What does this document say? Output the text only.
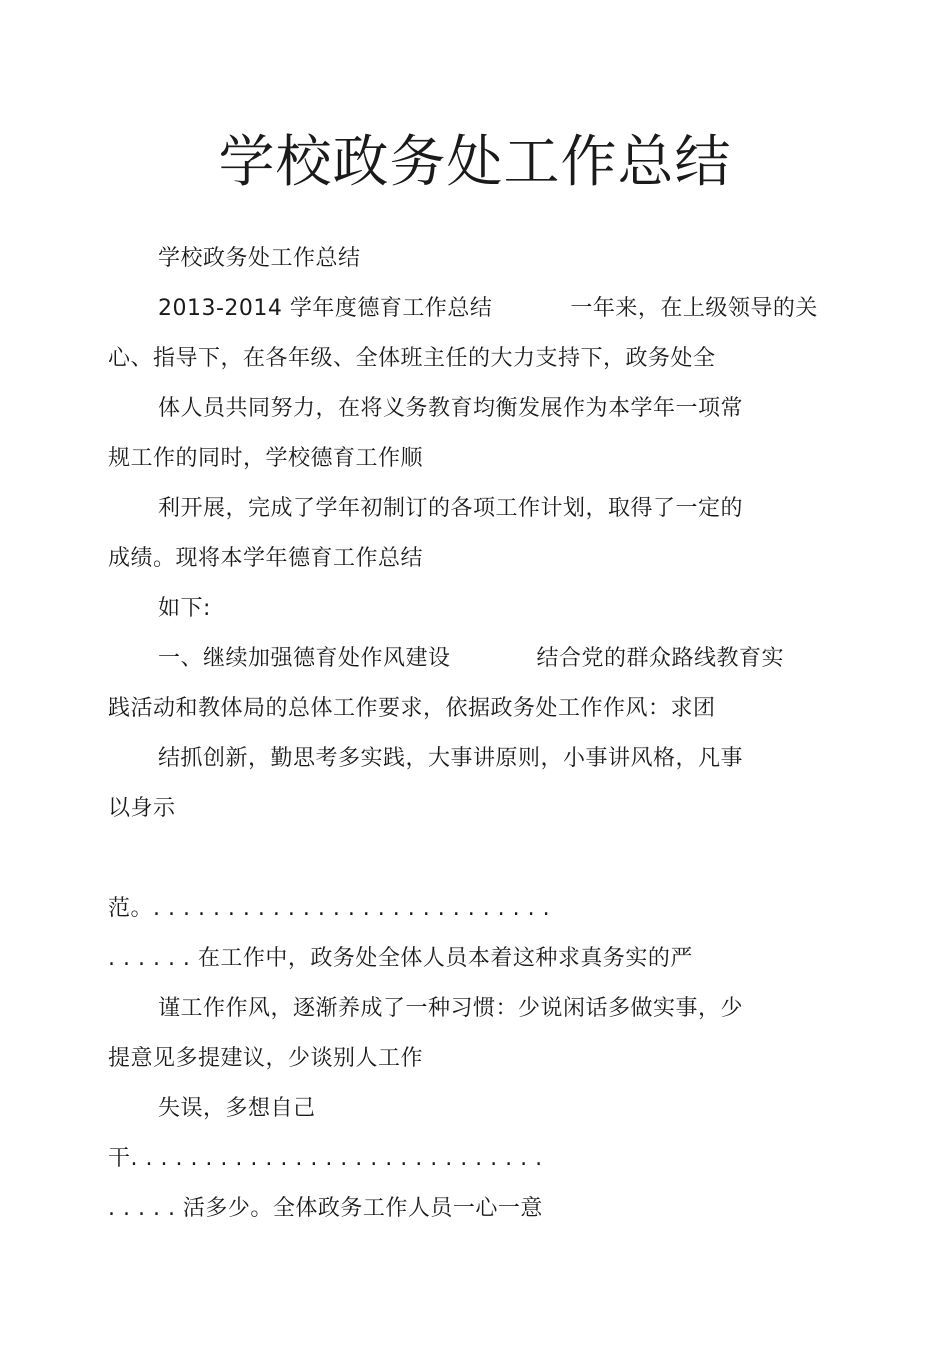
学校政务处工作总结
学校政务处工作总结
2013-2014 学年度德育工作总结	一年来，在上级领导的关
心、指导下，在各年级、全体班主任的大力支持下，政务处全
体人员共同努力，在将义务教育均衡发展作为本学年一项常
规工作的同时，学校德育工作顺
利开展，完成了学年初制订的各项工作计划，取得了一定的
成绩。现将本学年德育工作总结
如下:
一、继续加强德育处作风建设	结合党的群众路线教育实
践活动和教体局的总体工作要求，依据政务处工作作风：求团
结抓创新，勤思考多实践，大事讲原则，小事讲风格，凡事
以身示
范。. . . . . . . . . . . . . . . . . . . . . . . . . . .
. . . . . . 在工作中，政务处全体人员本着这种求真务实的严
谨工作作风，逐渐养成了一种习惯：少说闲话多做实事，少
提意见多提建议，少谈别人工作
失误，多想自己
干. . . . . . . . . . . . . . . . . . . . . . . . . . . .
. . . . . 活多少。全体政务工作人员一心一意
